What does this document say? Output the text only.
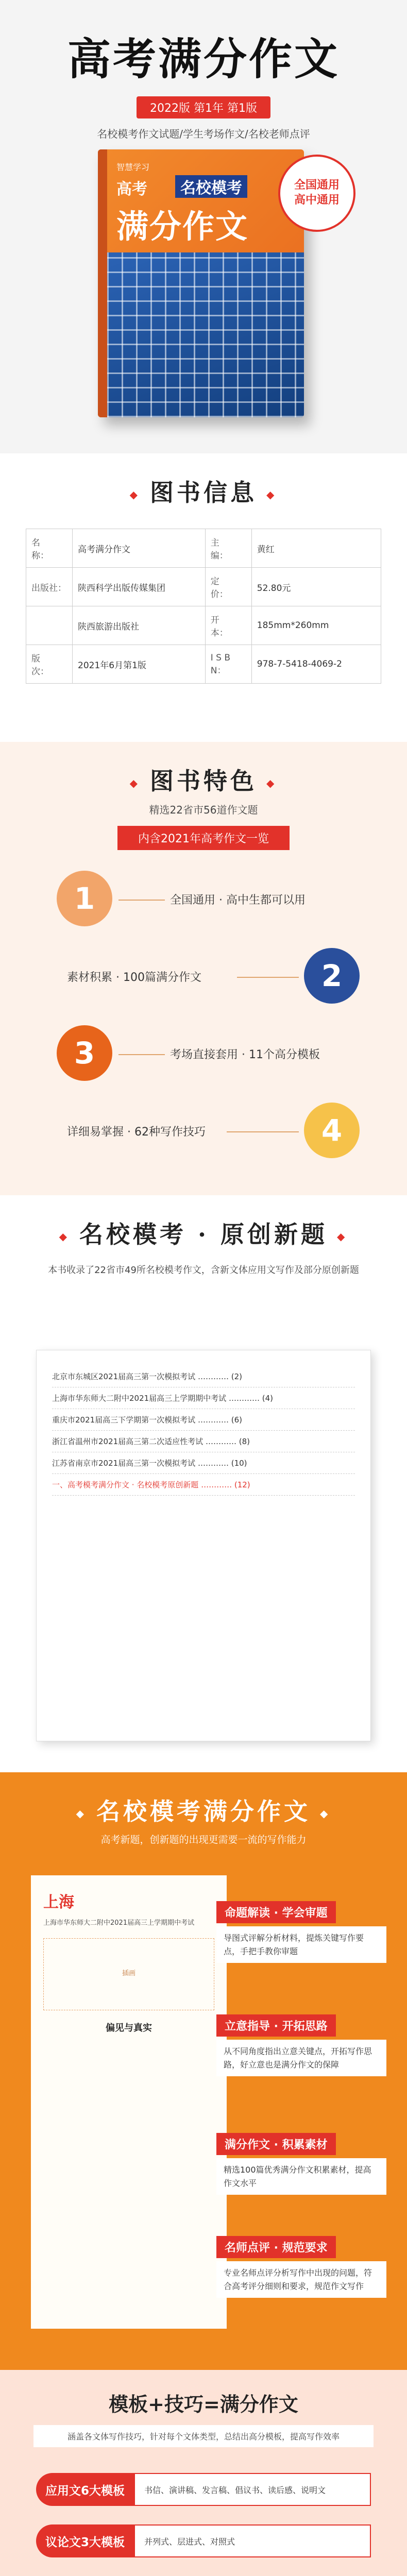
高考满分作文
2022版 第1年 第1版
名校模考作文试题/学生考场作文/名校老师点评
智慧学习
高考	名校模考
满分作文
全国通用
高中通用
◆ 图书信息 ◆
名　　称：	高考满分作文	主　　编：	黄红
出版社：	陕西科学出版传媒集团	定　　价：	52.80元
	陕西旅游出版社	开　　本：	185mm*260mm
版　　次：	2021年6月第1版	I S B N：	978-7-5418-4069-2
◆ 图书特色 ◆
精选22省市56道作文题
内含2021年高考作文一览
1	全国通用 · 高中生都可以用
素材积累 · 100篇满分作文	2
3	考场直接套用 · 11个高分模板
详细易掌握 · 62种写作技巧	4
◆ 名校模考 · 原创新题 ◆
本书收录了22省市49所名校模考作文，含新文体应用文写作及部分原创新题
北京市东城区2021届高三第一次模拟考试 ………… (2)
上海市华东师大二附中2021届高三上学期期中考试 ………… (4)
重庆市2021届高三下学期第一次模拟考试 ………… (6)
浙江省温州市2021届高三第二次适应性考试 ………… (8)
江苏省南京市2021届高三第一次模拟考试 ………… (10)
一、高考模考满分作文 · 名校模考原创新题 ………… (12)
◆ 名校模考满分作文 ◆
高考新题，创新题的出现更需要一流的写作能力
上海
上海市华东师大二附中2021届高三上学期期中考试
插画
偏见与真实
命题解读 · 学会审题
导图式评解分析材料，提炼关键写作要点，手把手教你审题
立意指导 · 开拓思路
从不同角度指出立意关键点，开拓写作思路，好立意也是满分作文的保障
满分作文 · 积累素材
精选100篇优秀满分作文积累素材，提高作文水平
名师点评 · 规范要求
专业名师点评分析写作中出现的问题，符合高考评分细则和要求，规范作文写作
模板+技巧=满分作文
涵盖各文体写作技巧，针对每个文体类型，总结出高分模板，提高写作效率
应用文6大模板	书信、演讲稿、发言稿、倡议书、读后感、说明文
议论文3大模板	并列式、层进式、对照式
